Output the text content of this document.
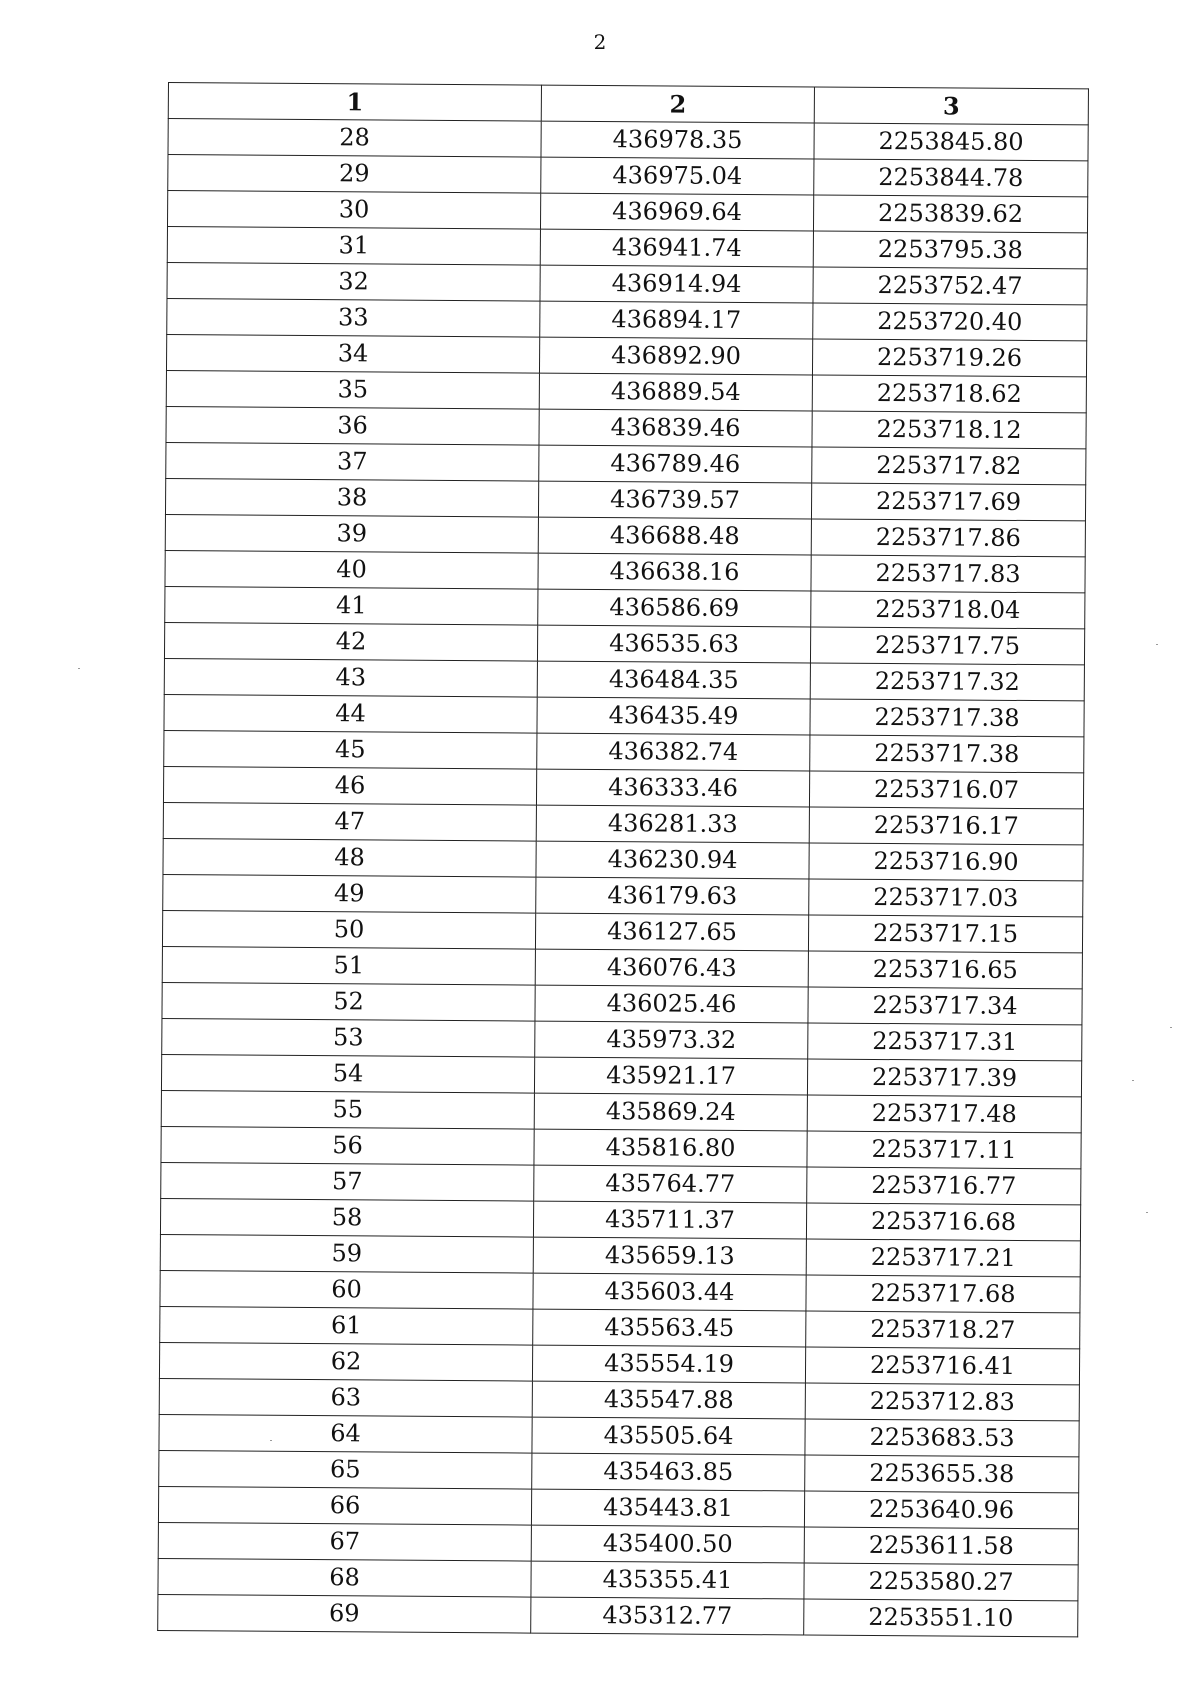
2
1	2	3
28	436978.35	2253845.80
29	436975.04	2253844.78
30	436969.64	2253839.62
31	436941.74	2253795.38
32	436914.94	2253752.47
33	436894.17	2253720.40
34	436892.90	2253719.26
35	436889.54	2253718.62
36	436839.46	2253718.12
37	436789.46	2253717.82
38	436739.57	2253717.69
39	436688.48	2253717.86
40	436638.16	2253717.83
41	436586.69	2253718.04
42	436535.63	2253717.75
43	436484.35	2253717.32
44	436435.49	2253717.38
45	436382.74	2253717.38
46	436333.46	2253716.07
47	436281.33	2253716.17
48	436230.94	2253716.90
49	436179.63	2253717.03
50	436127.65	2253717.15
51	436076.43	2253716.65
52	436025.46	2253717.34
53	435973.32	2253717.31
54	435921.17	2253717.39
55	435869.24	2253717.48
56	435816.80	2253717.11
57	435764.77	2253716.77
58	435711.37	2253716.68
59	435659.13	2253717.21
60	435603.44	2253717.68
61	435563.45	2253718.27
62	435554.19	2253716.41
63	435547.88	2253712.83
64	435505.64	2253683.53
65	435463.85	2253655.38
66	435443.81	2253640.96
67	435400.50	2253611.58
68	435355.41	2253580.27
69	435312.77	2253551.10
